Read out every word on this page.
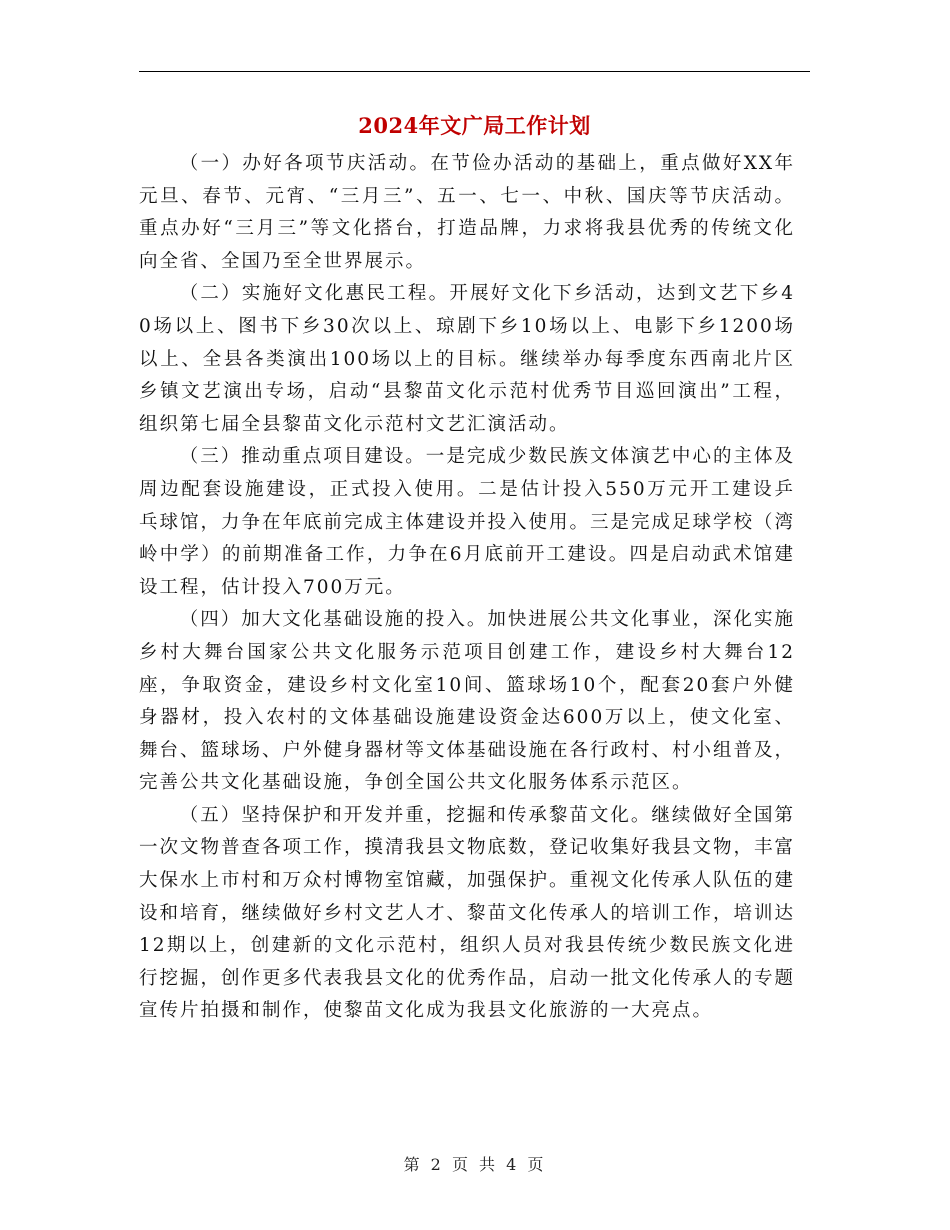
2024年文广局工作计划

（一）办好各项节庆活动。在节俭办活动的基础上，重点做好XX年元旦、春节、元宵、“三月三”、五一、七一、中秋、国庆等节庆活动。重点办好“三月三”等文化搭台，打造品牌，力求将我县优秀的传统文化向全省、全国乃至全世界展示。

（二）实施好文化惠民工程。开展好文化下乡活动，达到文艺下乡40场以上、图书下乡30次以上、琼剧下乡10场以上、电影下乡1200场以上、全县各类演出100场以上的目标。继续举办每季度东西南北片区乡镇文艺演出专场，启动“县黎苗文化示范村优秀节目巡回演出”工程，组织第七届全县黎苗文化示范村文艺汇演活动。

（三）推动重点项目建设。一是完成少数民族文体演艺中心的主体及周边配套设施建设，正式投入使用。二是估计投入550万元开工建设乒乓球馆，力争在年底前完成主体建设并投入使用。三是完成足球学校（湾岭中学）的前期准备工作，力争在6月底前开工建设。四是启动武术馆建设工程，估计投入700万元。

（四）加大文化基础设施的投入。加快进展公共文化事业，深化实施乡村大舞台国家公共文化服务示范项目创建工作，建设乡村大舞台12座，争取资金，建设乡村文化室10间、篮球场10个，配套20套户外健身器材，投入农村的文体基础设施建设资金达600万以上，使文化室、舞台、篮球场、户外健身器材等文体基础设施在各行政村、村小组普及，完善公共文化基础设施，争创全国公共文化服务体系示范区。

（五）坚持保护和开发并重，挖掘和传承黎苗文化。继续做好全国第一次文物普查各项工作，摸清我县文物底数，登记收集好我县文物，丰富大保水上市村和万众村博物室馆藏，加强保护。重视文化传承人队伍的建设和培育，继续做好乡村文艺人才、黎苗文化传承人的培训工作，培训达12期以上，创建新的文化示范村，组织人员对我县传统少数民族文化进行挖掘，创作更多代表我县文化的优秀作品，启动一批文化传承人的专题宣传片拍摄和制作，使黎苗文化成为我县文化旅游的一大亮点。

第 2 页 共 4 页
